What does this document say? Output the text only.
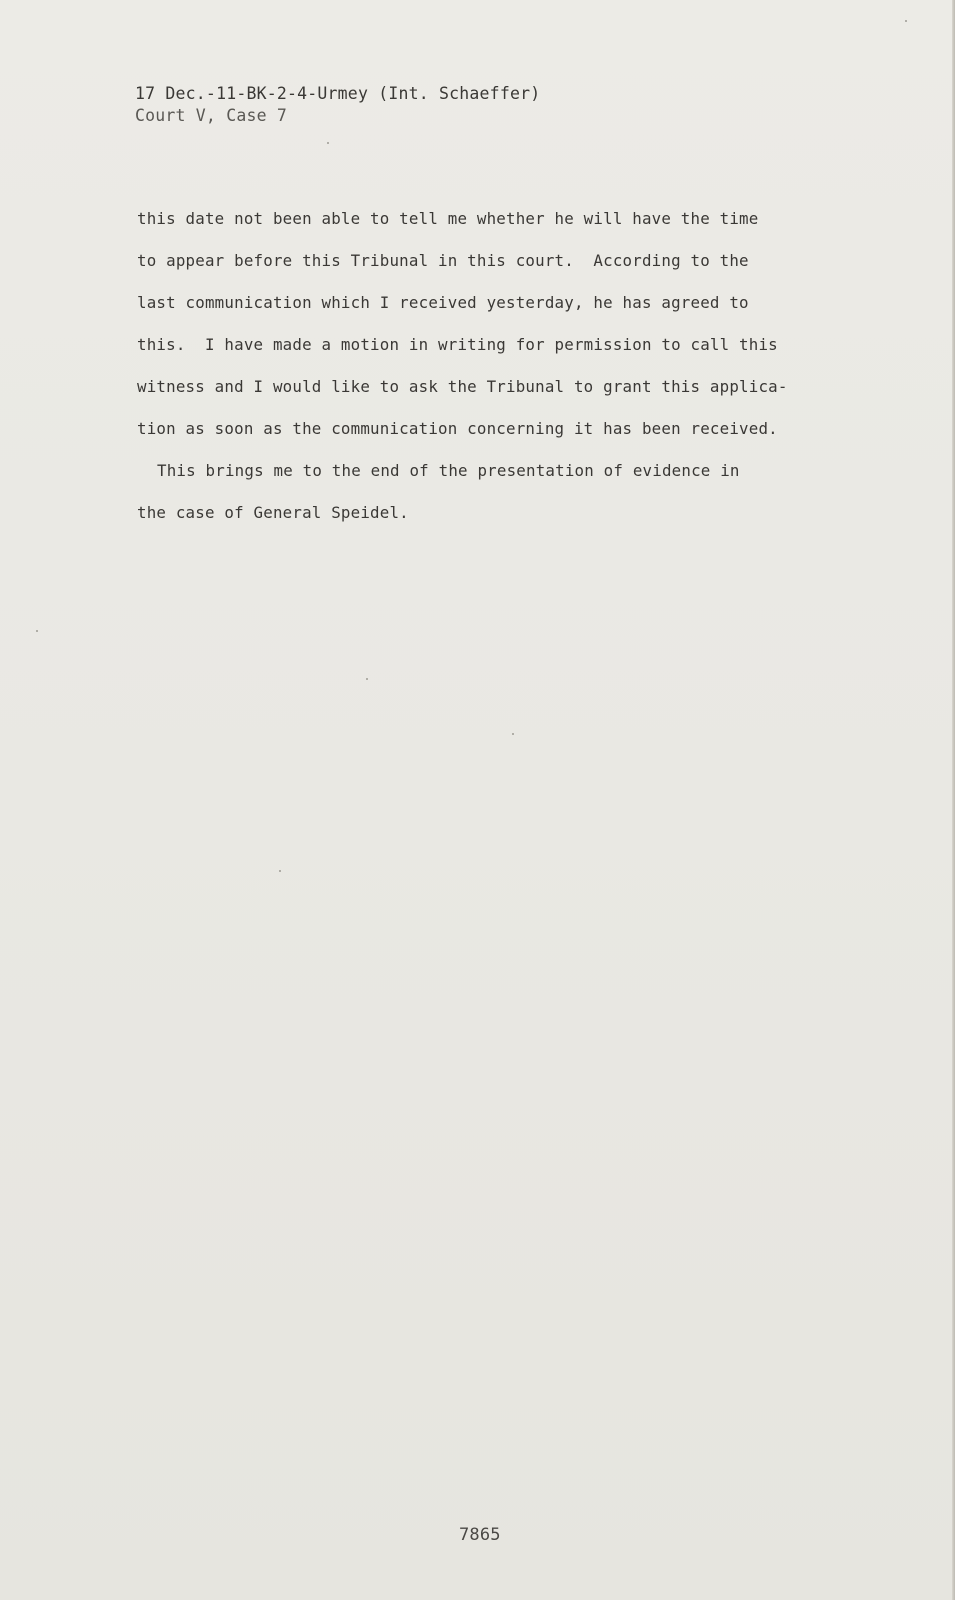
17 Dec.-11-BK-2-4-Urmey (Int. Schaeffer)
Court V, Case 7
this date not been able to tell me whether he will have the time
to appear before this Tribunal in this court.  According to the
last communication which I received yesterday, he has agreed to
this.  I have made a motion in writing for permission to call this
witness and I would like to ask the Tribunal to grant this applica-
tion as soon as the communication concerning it has been received.
This brings me to the end of the presentation of evidence in
the case of General Speidel.
7865
